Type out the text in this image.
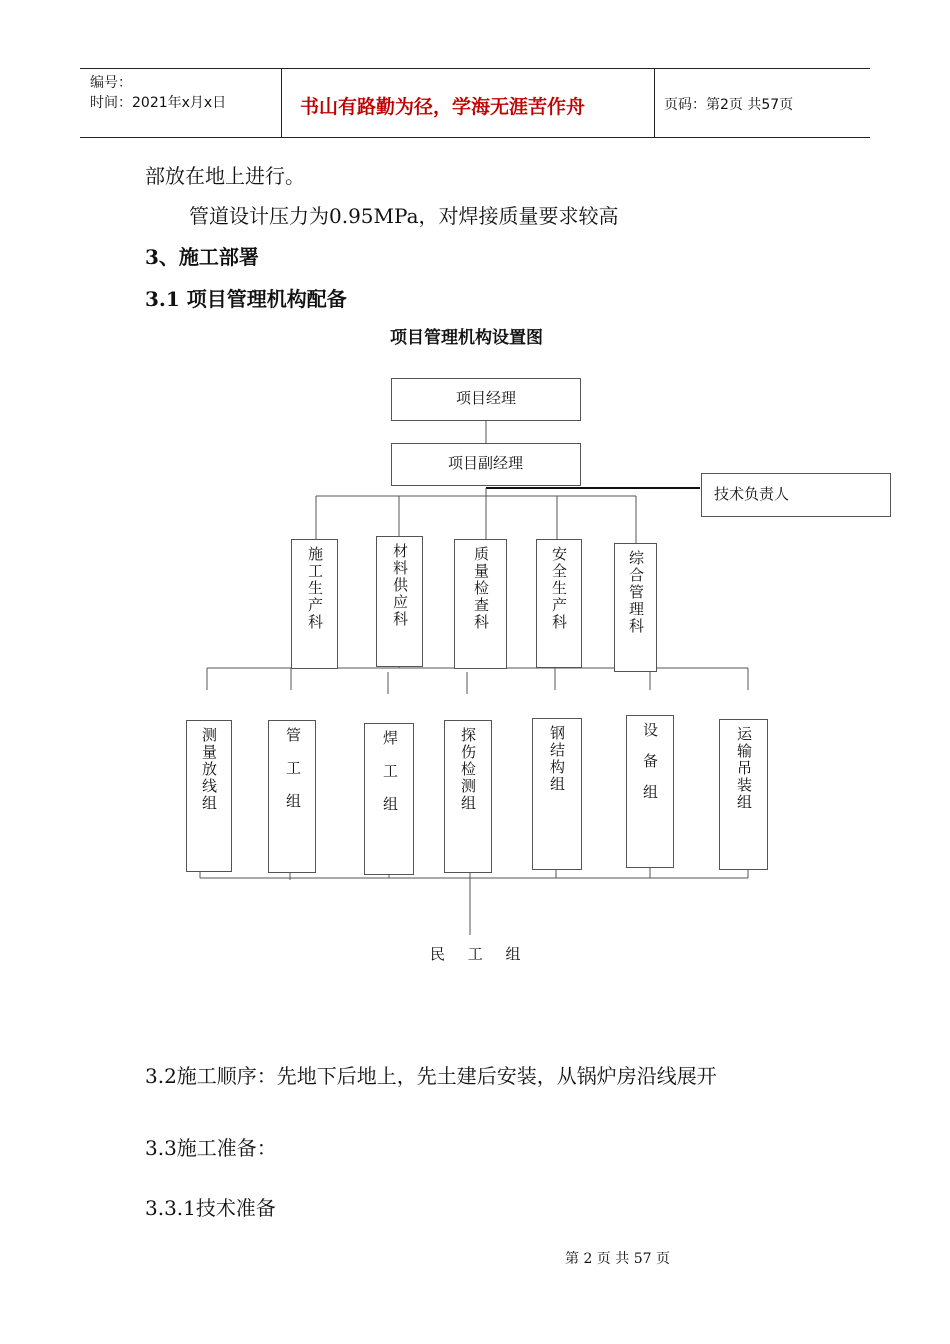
编号：
时间：2021年x月x日	书山有路勤为径，学海无涯苦作舟	页码：第2页 共57页
部放在地上进行。
管道设计压力为0.95MPa，对焊接质量要求较高
3、施工部署
3.1 项目管理机构配备
项目管理机构设置图
项目经理
项目副经理
技术负责人
施工生产科	材料供应科	质量检查科	安全生产科	综合管理科
测量放线组	管工组	焊工组	探伤检测组	钢结构组	设备组	运输吊装组
民 工 组
3.2施工顺序：先地下后地上，先土建后安装，从锅炉房沿线展开
3.3施工准备：
3.3.1技术准备
第 2 页 共 57 页
